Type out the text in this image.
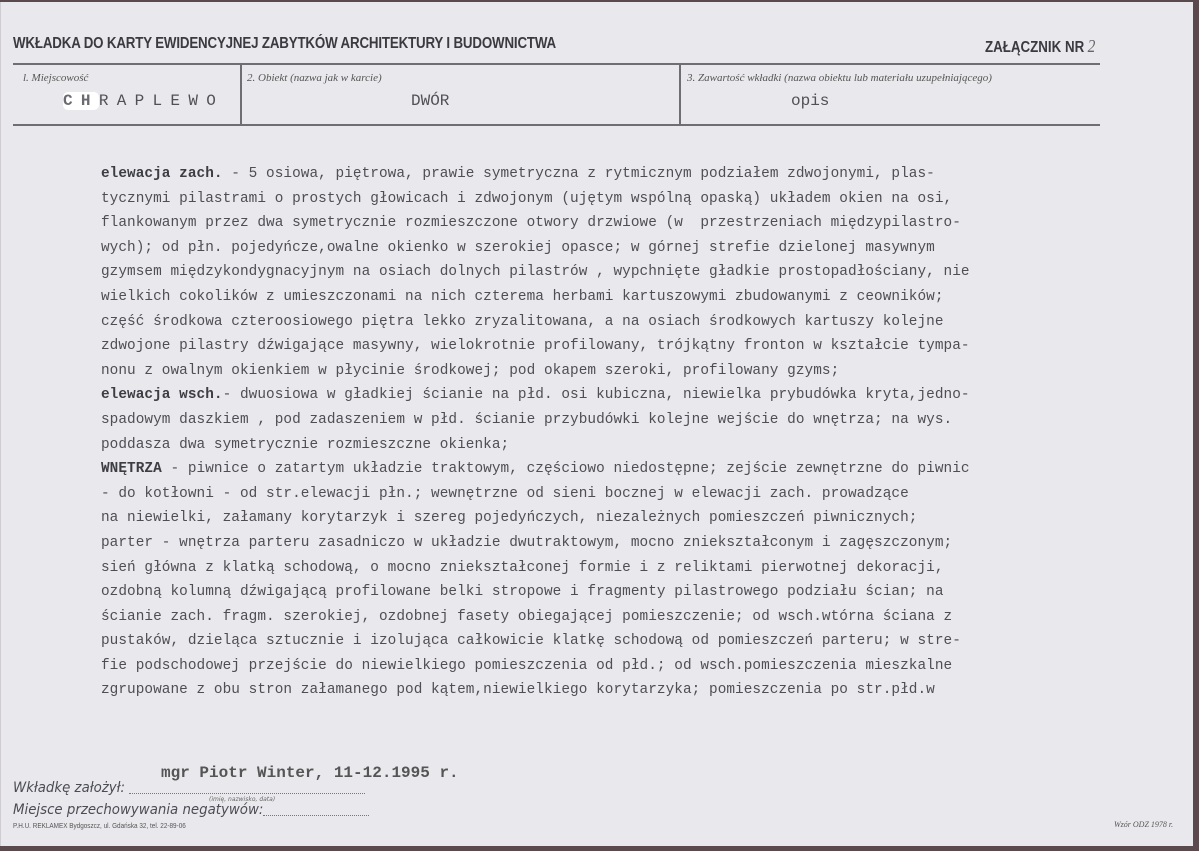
WKŁADKA DO KARTY EWIDENCYJNEJ ZABYTKÓW ARCHITEKTURY I BUDOWNICTWA	ZAŁĄCZNIK NR 2
l. Miejscowość
CHRAPLEWO
2. Obiekt (nazwa jak w karcie)
DWÓR
3. Zawartość wkładki (nazwa obiektu lub materiału uzupełniającego)
opis
elewacja zach. - 5 osiowa, piętrowa, prawie symetryczna z rytmicznym podziałem zdwojonymi, plas-
tycznymi pilastrami o prostych głowicach i zdwojonym (ujętym wspólną opaską) układem okien na osi,
flankowanym przez dwa symetrycznie rozmieszczone otwory drzwiowe (w  przestrzeniach międzypilastro-
wych); od płn. pojedyńcze,owalne okienko w szerokiej opasce; w górnej strefie dzielonej masywnym
gzymsem międzykondygnacyjnym na osiach dolnych pilastrów , wypchnięte gładkie prostopadłościany, nie
wielkich cokolików z umieszczonami na nich czterema herbami kartuszowymi zbudowanymi z ceowników;
część środkowa czteroosiowego piętra lekko zryzalitowana, a na osiach środkowych kartuszy kolejne
zdwojone pilastry dźwigające masywny, wielokrotnie profilowany, trójkątny fronton w kształcie tympa-
nonu z owalnym okienkiem w płycinie środkowej; pod okapem szeroki, profilowany gzyms;
elewacja wsch.- dwuosiowa w gładkiej ścianie na płd. osi kubiczna, niewielka prybudówka kryta,jedno-
spadowym daszkiem , pod zadaszeniem w płd. ścianie przybudówki kolejne wejście do wnętrza; na wys.
poddasza dwa symetrycznie rozmieszczne okienka;
WNĘTRZA - piwnice o zatartym układzie traktowym, częściowo niedostępne; zejście zewnętrzne do piwnic
- do kotłowni - od str.elewacji płn.; wewnętrzne od sieni bocznej w elewacji zach. prowadzące
na niewielki, załamany korytarzyk i szereg pojedyńczych, niezależnych pomieszczeń piwnicznych;
parter - wnętrza parteru zasadniczo w układzie dwutraktowym, mocno zniekształconym i zagęszczonym;
sień główna z klatką schodową, o mocno zniekształconej formie i z reliktami pierwotnej dekoracji,
ozdobną kolumną dźwigającą profilowane belki stropowe i fragmenty pilastrowego podziału ścian; na
ścianie zach. fragm. szerokiej, ozdobnej fasety obiegającej pomieszczenie; od wsch.wtórna ściana z
pustaków, dzieląca sztucznie i izolująca całkowicie klatkę schodową od pomieszczeń parteru; w stre-
fie podschodowej przejście do niewielkiego pomieszczenia od płd.; od wsch.pomieszczenia mieszkalne
zgrupowane z obu stron załamanego pod kątem,niewielkiego korytarzyka; pomieszczenia po str.płd.w
mgr Piotr Winter, 11-12.1995 r.
Wkładkę założył:
(imię, nazwisko, data)
Miejsce przechowywania negatywów:
P.H.U. REKLAMEX Bydgoszcz, ul. Gdańska 32, tel. 22-89-06	Wzór ODZ 1978 r.
